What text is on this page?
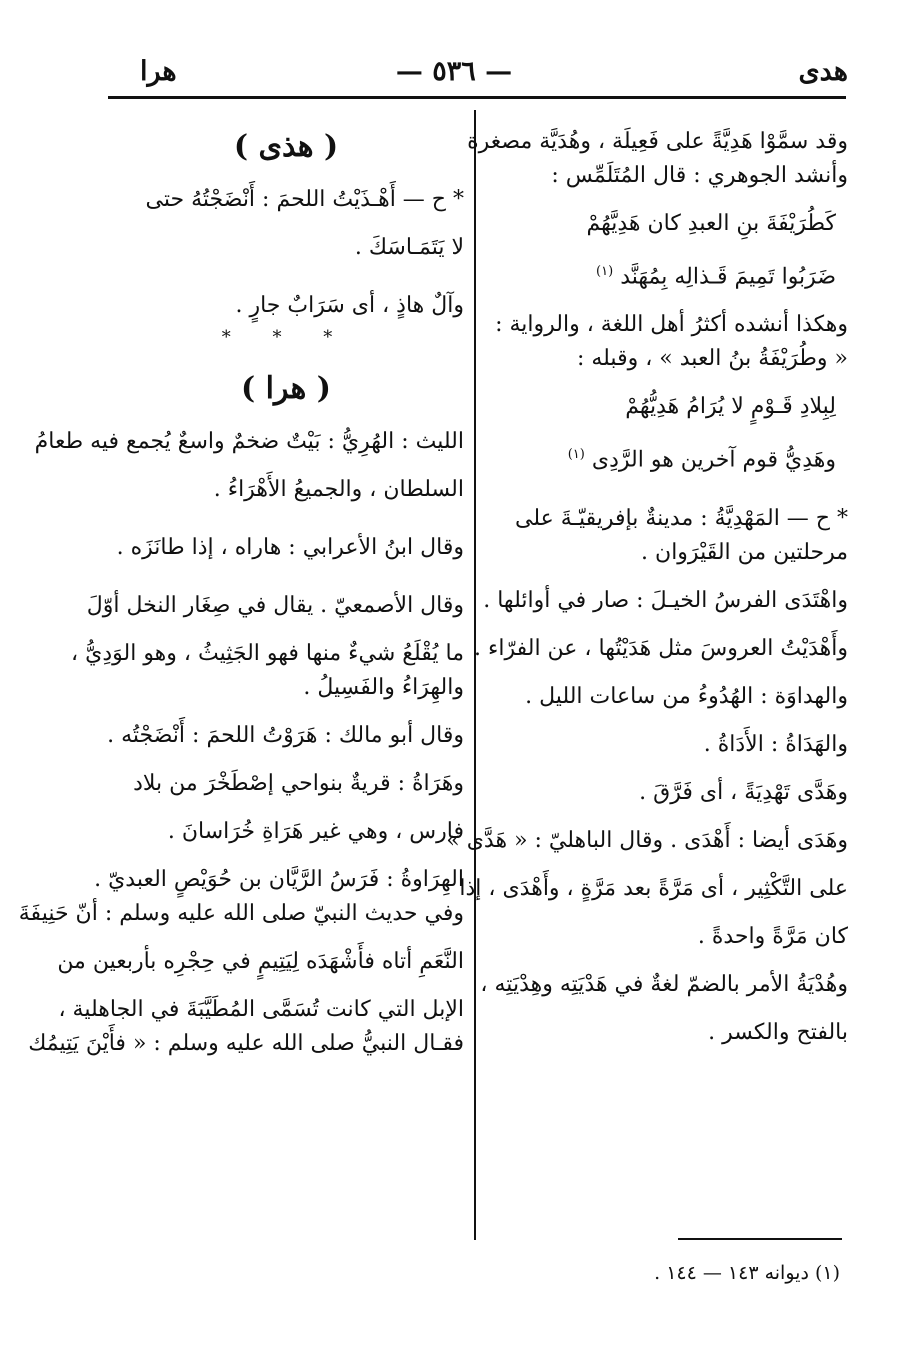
هدى
— ٥٣٦ —
هرا

وقد سمَّوْا هَدِيَّةً على فَعِيلَة ، وهُدَيَّة مصغرة

وأنشد الجوهري : قال المُتَلَمِّس :

كَطُرَيْفَةَ بنِ العبدِ كان هَدِيَّهُمْ

ضَرَبُوا تَمِيمَ قَـذالِه بِمُهَنَّد $^{(١)}$

وهكذا أنشده أكثرُ أهل اللغة ، والرواية :

« وطُرَيْفَةُ بنُ العبد » ، وقبله :

لِبِلادِ قَـوْمٍ لا يُرَامُ هَدِيُّهُمْ

وهَدِيُّ قوم آخرين هو الرَّدِى $^{(١)}$

* ح — المَهْدِيَّةُ : مدينةٌ بإفريقيّـةَ على

مرحلتين من القَيْرَوان .

واهْتَدَى الفرسُ الخيـلَ : صار في أوائلها .

وأَهْدَيْتُ العروسَ مثل هَدَيْتُها ، عن الفرّاء .

والهداوَة : الهُدُوءُ من ساعات الليل .

والهَدَاةُ : الأَدَاةُ .

وهَدَّى تَهْدِيَةً ، أى فَرَّقَ .

وهَدَى أيضا : أَهْدَى . وقال الباهليّ : « هَدَّى »

على التَّكْثِير ، أى مَرَّةً بعد مَرَّةٍ ، وأَهْدَى ، إذا

كان مَرَّةً واحدةً .

وهُدْيَةُ الأمر بالضمّ لغةٌ في هَدْيَتِه وهِدْيَتِه ،

بالفتح والكسر .

( هذى )

* ح — أَهْـذَيْتُ اللحمَ : أَنْضَجْتُهُ حتى

لا يَتَمَـاسَكَ .

وآلٌ هاذٍ ، أى سَرَابٌ جارٍ .

* * *
( هرا )

الليث : الهُرِيُّ : بَيْتٌ ضخمٌ واسعٌ يُجمع فيه طعامُ

السلطان ، والجميعُ الأَهْرَاءُ .

وقال ابنُ الأعرابي : هاراه ، إذا طانَزَه .

وقال الأصمعيّ . يقال في صِغَار النخل أوّلَ

ما يُقْلَعُ شيءٌ منها فهو الجَثِيثُ ، وهو الوَدِيُّ ،

والهِرَاءُ والفَسِيلُ .

وقال أبو مالك : هَرَوْتُ اللحمَ : أَنْضَجْتُه .

وهَرَاةُ : قريةٌ بنواحي إصْطَخْرَ من بلاد

فارس ، وهي غير هَرَاةِ خُرَاسانَ .

الهِرَاوةُ : فَرَسُ الرَّيَّان بن حُوَيْصٍ العبديّ .

وفي حديث النبيّ صلى الله عليه وسلم : أنّ حَنِيفَةَ

النَّعَمِ أتاه فأَشْهَدَه لِيَتِيمٍ في حِجْرِه بأربعين من

الإبل التي كانت تُسَمَّى المُطَيَّبَةَ في الجاهلية ،

فقـال النبيُّ صلى الله عليه وسلم : « فأَيْنَ يَتِيمُك

(١) ديوانه ١٤٣ — ١٤٤ .
